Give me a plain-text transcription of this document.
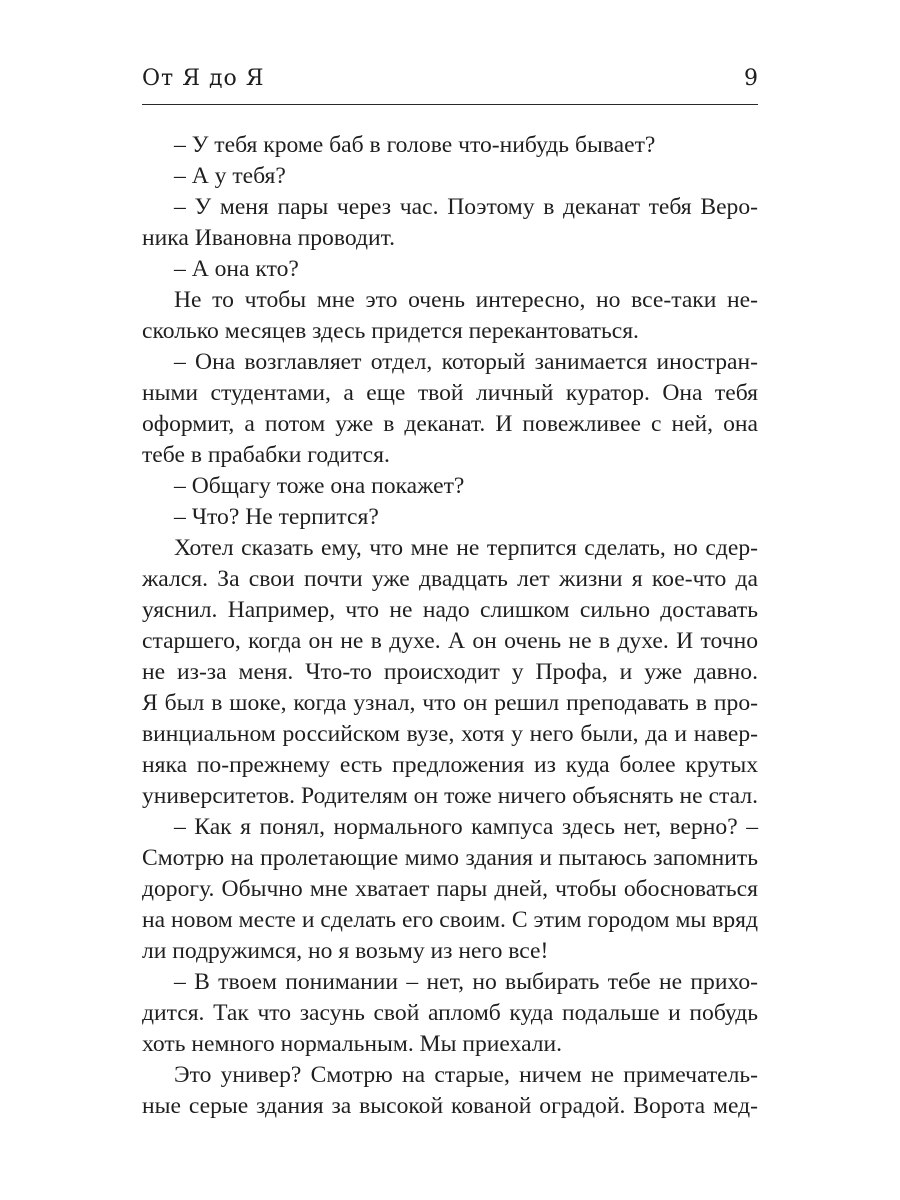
От Я до Я	9
– У тебя кроме баб в голове что-нибудь бывает?
– А у тебя?
– У меня пары через час. Поэтому в деканат тебя Веро-
ника Ивановна проводит.
– А она кто?
Не то чтобы мне это очень интересно, но все-таки не-
сколько месяцев здесь придется перекантоваться.
– Она возглавляет отдел, который занимается иностран-
ными студентами, а еще твой личный куратор. Она тебя
оформит, а потом уже в деканат. И повежливее с ней, она
тебе в прабабки годится.
– Общагу тоже она покажет?
– Что? Не терпится?
Хотел сказать ему, что мне не терпится сделать, но сдер-
жался. За свои почти уже двадцать лет жизни я кое-что да
уяснил. Например, что не надо слишком сильно доставать
старшего, когда он не в духе. А он очень не в духе. И точно
не из-за меня. Что-то происходит у Профа, и уже давно.
Я был в шоке, когда узнал, что он решил преподавать в про-
винциальном российском вузе, хотя у него были, да и навер-
няка по-прежнему есть предложения из куда более крутых
университетов. Родителям он тоже ничего объяснять не стал.
– Как я понял, нормального кампуса здесь нет, верно? –
Смотрю на пролетающие мимо здания и пытаюсь запомнить
дорогу. Обычно мне хватает пары дней, чтобы обосноваться
на новом месте и сделать его своим. С этим городом мы вряд
ли подружимся, но я возьму из него все!
– В твоем понимании – нет, но выбирать тебе не прихо-
дится. Так что засунь свой апломб куда подальше и побудь
хоть немного нормальным. Мы приехали.
Это универ? Смотрю на старые, ничем не примечатель-
ные серые здания за высокой кованой оградой. Ворота мед-
